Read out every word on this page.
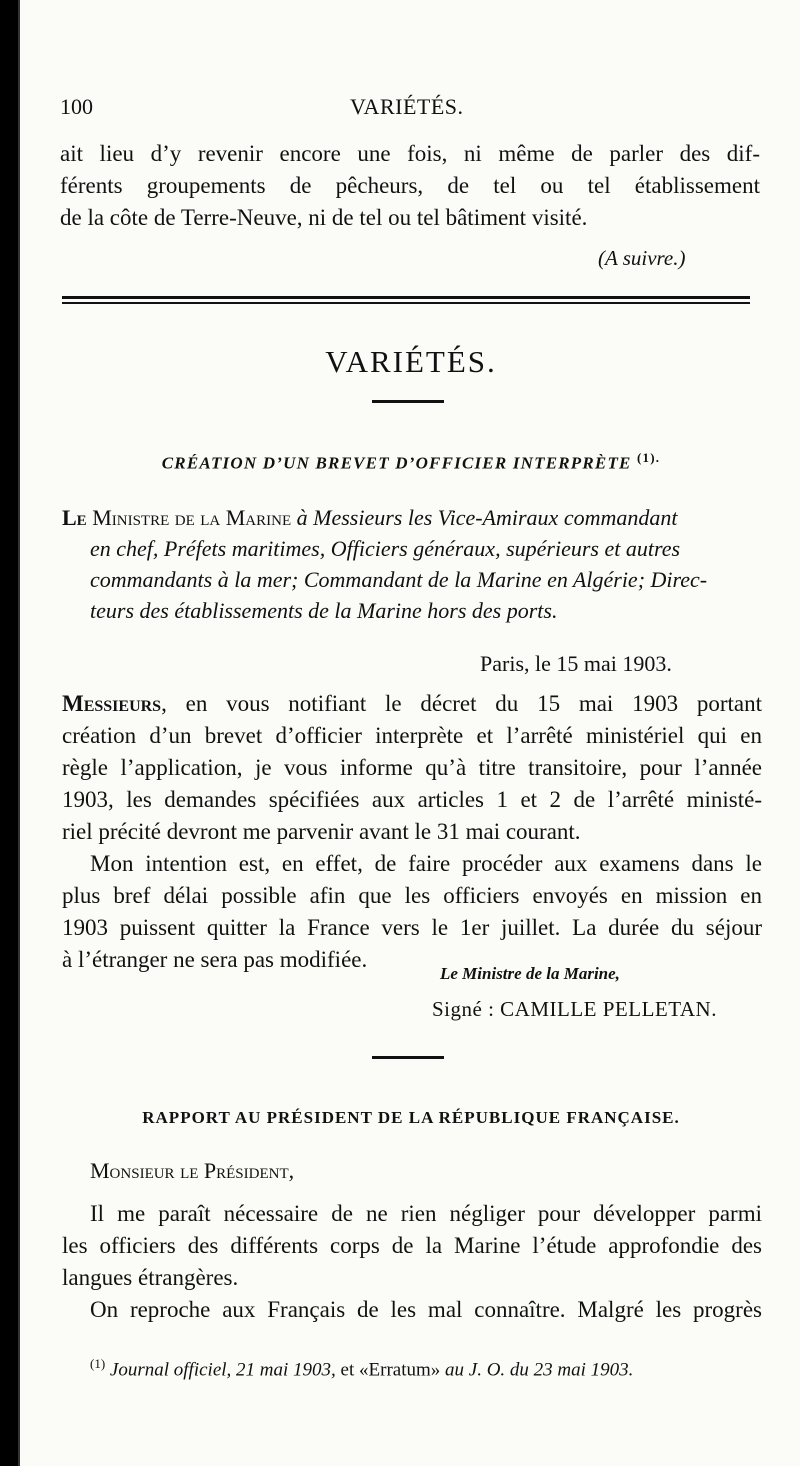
100	VARIÉTÉS.
ait lieu d’y revenir encore une fois, ni même de parler des dif-
férents groupements de pêcheurs, de tel ou tel établissement
de la côte de Terre-Neuve, ni de tel ou tel bâtiment visité.
(A suivre.)
VARIÉTÉS.
CRÉATION D’UN BREVET D’OFFICIER INTERPRÈTE $^{(1).}$
Le Ministre de la Marine à Messieurs les Vice-Amiraux commandant
en chef, Préfets maritimes, Officiers généraux, supérieurs et autres
commandants à la mer; Commandant de la Marine en Algérie; Direc-
teurs des établissements de la Marine hors des ports.
Paris, le 15 mai 1903.
Messieurs, en vous notifiant le décret du 15 mai 1903 portant
création d’un brevet d’officier interprète et l’arrêté ministériel qui en
règle l’application, je vous informe qu’à titre transitoire, pour l’année
1903, les demandes spécifiées aux articles 1 et 2 de l’arrêté ministé-
riel précité devront me parvenir avant le 31 mai courant.
Mon intention est, en effet, de faire procéder aux examens dans le
plus bref délai possible afin que les officiers envoyés en mission en
1903 puissent quitter la France vers le 1er juillet. La durée du séjour
à l’étranger ne sera pas modifiée.
Le Ministre de la Marine,
Signé : CAMILLE PELLETAN.
RAPPORT AU PRÉSIDENT DE LA RÉPUBLIQUE FRANÇAISE.
Monsieur le Président,
Il me paraît nécessaire de ne rien négliger pour développer parmi
les officiers des différents corps de la Marine l’étude approfondie des
langues étrangères.
On reproche aux Français de les mal connaître. Malgré les progrès
$^{(1)}$ Journal officiel, 21 mai 1903, et «Erratum» au J. O. du 23 mai 1903.
